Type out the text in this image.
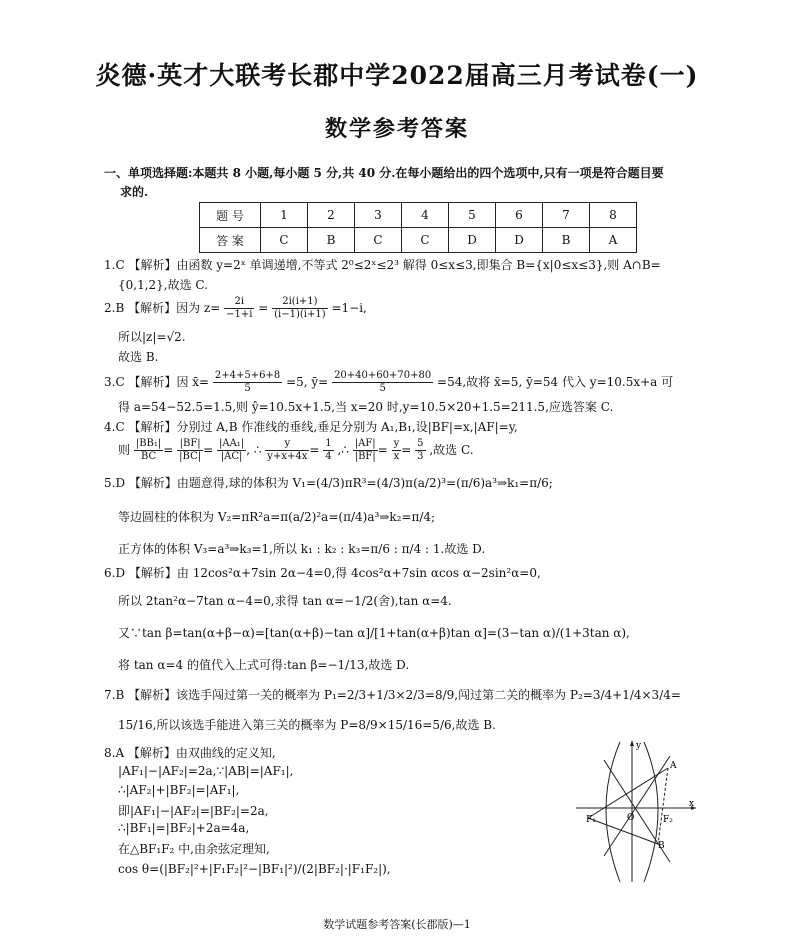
炎德·英才大联考长郡中学2022届高三月考试卷(一)
数学参考答案
一、单项选择题:本题共 8 小题,每小题 5 分,共 40 分.在每小题给出的四个选项中,只有一项是符合题目要
求的.
题 号	1	2	3	4	5	6	7	8
答 案	C	B	C	C	D	D	B	A
1.C 【解析】由函数 y=2ˣ 单调递增,不等式 2⁰≤2ˣ≤2³ 解得 0≤x≤3,即集合 B={x|0≤x≤3},则 A∩B=
{0,1,2},故选 C.
2.B 【解析】因为 $z= \frac{2i}{-1+i} = \frac{2i(i+1)}{(i-1)(i+1)} =1-i$,
所以|z|=√2.
故选 B.
3.C 【解析】因 x̄= $\frac{2+4+5+6+8}{5} =5$, ȳ= $\frac{20+40+60+70+80}{5} =54$,故将 x̄=5, ȳ=54 代入 y=10.5x+a 可
得 a=54−52.5=1.5,则 ŷ=10.5x+1.5,当 x=20 时,y=10.5×20+1.5=211.5,应选答案 C.
4.C 【解析】分别过 A,B 作准线的垂线,垂足分别为 A₁,B₁,设|BF|=x,|AF|=y,
则 $\frac{\text{|BB₁|}}{BC} = \frac{|BF|}{|BC|} = \frac{\text{|AA₁|}}{|AC|}$ , ∴ $\frac{y}{y+x+4x} = \frac{1}{4}$ ,∴ $\frac{|AF|}{|BF|} = \frac{y}{x} = \frac{5}{3}$ ,故选 C.
5.D 【解析】由题意得,球的体积为 V₁=(4/3)πR³=(4/3)π(a/2)³=(π/6)a³⇒k₁=π/6;
等边圆柱的体积为 V₂=πR²a=π(a/2)²a=(π/4)a³⇒k₂=π/4;
正方体的体积 V₃=a³⇒k₃=1,所以 k₁ : k₂ : k₃=π/6 : π/4 : 1.故选 D.
6.D 【解析】由 12cos²α+7sin 2α−4=0,得 4cos²α+7sin αcos α−2sin²α=0,
所以 2tan²α−7tan α−4=0,求得 tan α=−1/2(舍),tan α=4.
又∵tan β=tan(α+β−α)=[tan(α+β)−tan α]/[1+tan(α+β)tan α]=(3−tan α)/(1+3tan α),
将 tan α=4 的值代入上式可得:tan β=−1/13,故选 D.
7.B 【解析】该选手闯过第一关的概率为 P₁=2/3+1/3×2/3=8/9,闯过第二关的概率为 P₂=3/4+1/4×3/4=
15/16,所以该选手能进入第三关的概率为 P=8/9×15/16=5/6,故选 B.
8.A 【解析】由双曲线的定义知,
|AF₁|−|AF₂|=2a,∵|AB|=|AF₁|,
∴|AF₂|+|BF₂|=|AF₁|,
即|AF₁|−|AF₂|=|BF₂|=2a,
∴|BF₁|=|BF₂|+2a=4a,
在△BF₁F₂ 中,由余弦定理知,
cos θ=(|BF₂|²+|F₁F₂|²−|BF₁|²)/(2|BF₂|·|F₁F₂|),
y
A
x
F₁	O	F₂
B
数学试题参考答案(长郡版)—1
